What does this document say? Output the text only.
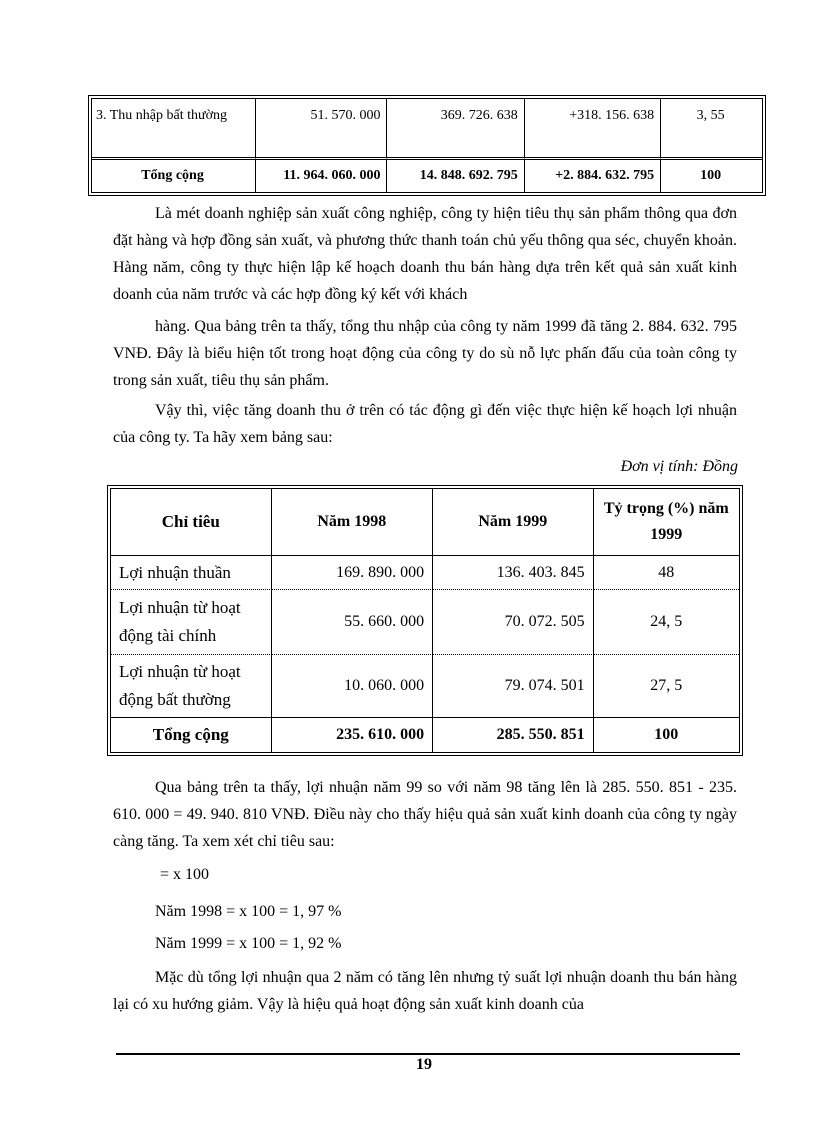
3. Thu nhập bất thường	51. 570. 000	369. 726. 638	+318. 156. 638	3, 55
Tổng cộng	11. 964. 060. 000	14. 848. 692. 795	+2. 884. 632. 795	100
Là mét doanh nghiệp sản xuất công nghiệp, công ty hiện tiêu thụ sản phẩm thông qua đơn đặt hàng và hợp đồng sản xuất, và phương thức thanh toán chủ yếu thông qua séc, chuyển khoản. Hàng năm, công ty thực hiện lập kế hoạch doanh thu bán hàng dựa trên kết quả sản xuất kinh doanh của năm trước và các hợp đồng ký kết với khách
hàng. Qua bảng trên ta thấy, tổng thu nhập của công ty năm 1999 đã tăng 2. 884. 632. 795 VNĐ. Đây là biểu hiện tốt trong hoạt động của công ty do sù nỗ lực phấn đấu của toàn công ty trong sản xuất, tiêu thụ sản phẩm.
Vậy thì, việc tăng doanh thu ở trên có tác động gì đến việc thực hiện kế hoạch lợi nhuận của công ty. Ta hãy xem bảng sau:
Đơn vị tính: Đồng
Chỉ tiêu	Năm 1998	Năm 1999	Tỷ trọng (%) năm 1999
Lợi nhuận thuần	169. 890. 000	136. 403. 845	48
Lợi nhuận từ hoạt động tài chính	55. 660. 000	70. 072. 505	24, 5
Lợi nhuận từ hoạt động bất thường	10. 060. 000	79. 074. 501	27, 5
Tổng cộng	235. 610. 000	285. 550. 851	100
Qua bảng trên ta thấy, lợi nhuận năm 99 so với năm 98 tăng lên là 285. 550. 851 - 235. 610. 000 = 49. 940. 810 VNĐ. Điều này cho thấy hiệu quả sản xuất kinh doanh của công ty ngày càng tăng. Ta xem xét chỉ tiêu sau:
= x 100
Năm 1998 = x 100 = 1, 97 %
Năm 1999 = x 100 = 1, 92 %
Mặc dù tổng lợi nhuận qua 2 năm có tăng lên nhưng tỷ suất lợi nhuận doanh thu bán hàng lại có xu hướng giảm. Vậy là hiệu quả hoạt động sản xuất kinh doanh của
19
